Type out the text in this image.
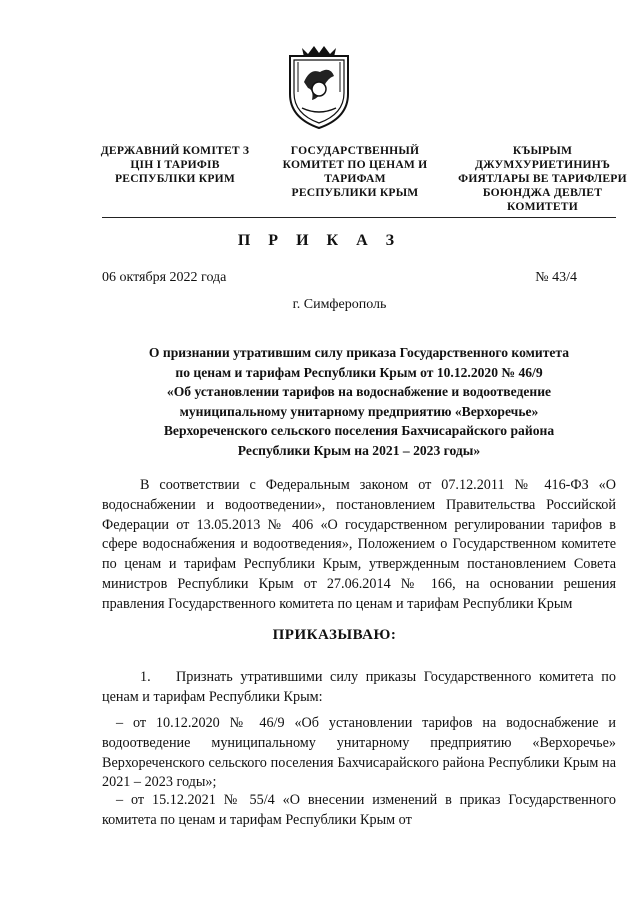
ДЕРЖАВНИЙ КОМІТЕТ З
ЦІН І ТАРИФІВ
РЕСПУБЛІКИ КРИМ
ГОСУДАРСТВЕННЫЙ
КОМИТЕТ ПО ЦЕНАМ И
ТАРИФАМ
РЕСПУБЛИКИ КРЫМ
КЪЫРЫМ
ДЖУМХУРИЕТИНИНЪ
ФИЯТЛАРЫ ВЕ ТАРИФЛЕРИ
БОЮНДЖА ДЕВЛЕТ
КОМИТЕТИ
П Р И К А З
06 октября 2022 года	№ 43/4
г. Симферополь
О признании утратившим силу приказа Государственного комитета
по ценам и тарифам Республики Крым от 10.12.2020 № 46/9
«Об установлении тарифов на водоснабжение и водоотведение
муниципальному унитарному предприятию «Верхоречье»
Верхореченского сельского поселения Бахчисарайского района
Республики Крым на 2021 – 2023 годы»
В соответствии с Федеральным законом от 07.12.2011 № 416-ФЗ «О водоснабжении и водоотведении», постановлением Правительства Российской Федерации от 13.05.2013 № 406 «О государственном регулировании тарифов в сфере водоснабжения и водоотведения», Положением о Государственном комитете по ценам и тарифам Республики Крым, утвержденным постановлением Совета министров Республики Крым от 27.06.2014 № 166, на основании решения правления Государственного комитета по ценам и тарифам Республики Крым
ПРИКАЗЫВАЮ:
1. Признать утратившими силу приказы Государственного комитета по ценам и тарифам Республики Крым:
– от 10.12.2020 № 46/9 «Об установлении тарифов на водоснабжение и водоотведение муниципальному унитарному предприятию «Верхоречье» Верхореченского сельского поселения Бахчисарайского района Республики Крым на 2021 – 2023 годы»;
– от 15.12.2021 № 55/4 «О внесении изменений в приказ Государственного комитета по ценам и тарифам Республики Крым от
